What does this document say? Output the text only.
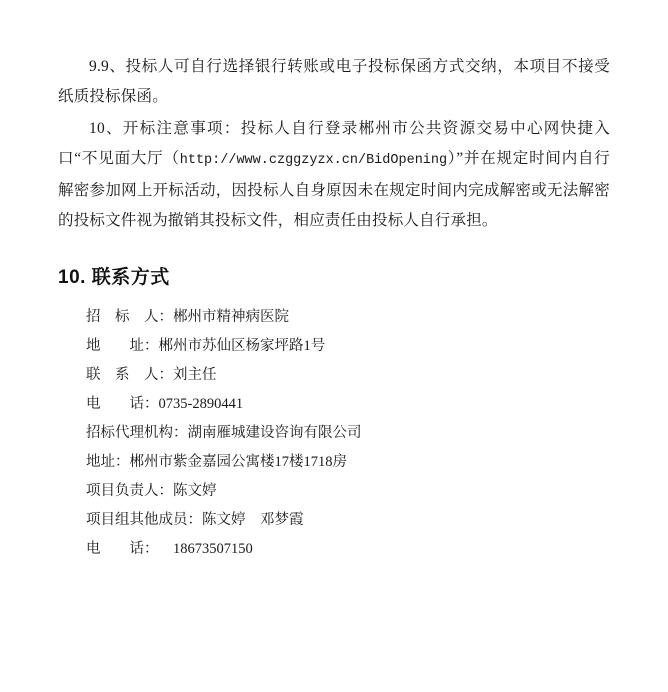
9.9、投标人可自行选择银行转账或电子投标保函方式交纳，本项目不接受纸质投标保函。

10、开标注意事项：投标人自行登录郴州市公共资源交易中心网快捷入口“不见面大厅（http://www.czggzyzx.cn/BidOpening）”并在规定时间内自行解密参加网上开标活动，因投标人自身原因未在规定时间内完成解密或无法解密的投标文件视为撤销其投标文件，相应责任由投标人自行承担。

10. 联系方式
招　标　人：郴州市精神病医院
地　　址：郴州市苏仙区杨家坪路1号
联　系　人：刘主任
电　　话：0735-2890441
招标代理机构：湖南雁城建设咨询有限公司
地址：郴州市紫金嘉园公寓楼17楼1718房
项目负责人：陈文婷
项目组其他成员：陈文婷　邓梦霞
电　　话：　18673507150
